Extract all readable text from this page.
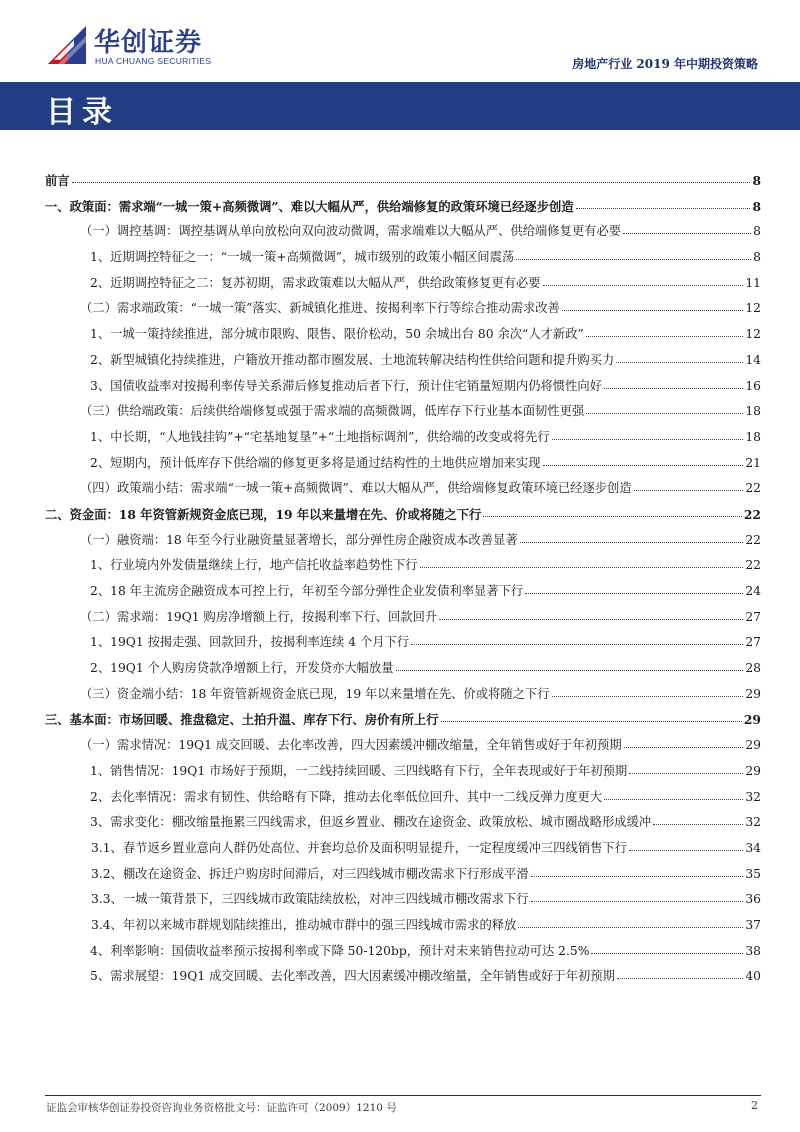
华创证券
HUA CHUANG SECURITIES	房地产行业 2019 年中期投资策略
目录
前言	8
一、政策面：需求端“一城一策+高频微调”、难以大幅从严，供给端修复的政策环境已经逐步创造	8
（一）调控基调：调控基调从单向放松向双向波动微调，需求端难以大幅从严、供给端修复更有必要	8
1、近期调控特征之一：“一城一策+高频微调”，城市级别的政策小幅区间震荡	8
2、近期调控特征之二：复苏初期，需求政策难以大幅从严，供给政策修复更有必要	11
（二）需求端政策：“一城一策”落实、新城镇化推进、按揭利率下行等综合推动需求改善	12
1、一城一策持续推进，部分城市限购、限售、限价松动，50 余城出台 80 余次“人才新政”	12
2、新型城镇化持续推进，户籍放开推动都市圈发展、土地流转解决结构性供给问题和提升购买力	14
3、国债收益率对按揭利率传导关系滞后修复推动后者下行，预计住宅销量短期内仍将惯性向好	16
（三）供给端政策：后续供给端修复或强于需求端的高频微调，低库存下行业基本面韧性更强	18
1、中长期，“人地钱挂钩”+“宅基地复垦”+“土地指标调剂”，供给端的改变或将先行	18
2、短期内，预计低库存下供给端的修复更多将是通过结构性的土地供应增加来实现	21
（四）政策端小结：需求端“一城一策+高频微调”、难以大幅从严，供给端修复政策环境已经逐步创造	22
二、资金面：18 年资管新规资金底已现，19 年以来量增在先、价或将随之下行	22
（一）融资端：18 年至今行业融资量显著增长，部分弹性房企融资成本改善显著	22
1、行业境内外发债量继续上行，地产信托收益率趋势性下行	22
2、18 年主流房企融资成本可控上行，年初至今部分弹性企业发债利率显著下行	24
（二）需求端：19Q1 购房净增额上行，按揭利率下行、回款回升	27
1、19Q1 按揭走强、回款回升，按揭利率连续 4 个月下行	27
2、19Q1 个人购房贷款净增额上行，开发贷亦大幅放量	28
（三）资金端小结：18 年资管新规资金底已现，19 年以来量增在先、价或将随之下行	29
三、基本面：市场回暖、推盘稳定、土拍升温、库存下行、房价有所上行	29
（一）需求情况：19Q1 成交回暖、去化率改善，四大因素缓冲棚改缩量，全年销售或好于年初预期	29
1、销售情况：19Q1 市场好于预期，一二线持续回暖、三四线略有下行，全年表现或好于年初预期	29
2、去化率情况：需求有韧性、供给略有下降，推动去化率低位回升、其中一二线反弹力度更大	32
3、需求变化：棚改缩量拖累三四线需求，但返乡置业、棚改在途资金、政策放松、城市圈战略形成缓冲	32
3.1、春节返乡置业意向人群仍处高位、并套均总价及面积明显提升，一定程度缓冲三四线销售下行	34
3.2、棚改在途资金、拆迁户购房时间滞后，对三四线城市棚改需求下行形成平滑	35
3.3、一城一策背景下，三四线城市政策陆续放松，对冲三四线城市棚改需求下行	36
3.4、年初以来城市群规划陆续推出，推动城市群中的强三四线城市需求的释放	37
4、利率影响：国债收益率预示按揭利率或下降 50-120bp，预计对未来销售拉动可达 2.5%	38
5、需求展望：19Q1 成交回暖、去化率改善，四大因素缓冲棚改缩量，全年销售或好于年初预期	40
证监会审核华创证券投资咨询业务资格批文号：证监许可（2009）1210 号	2
